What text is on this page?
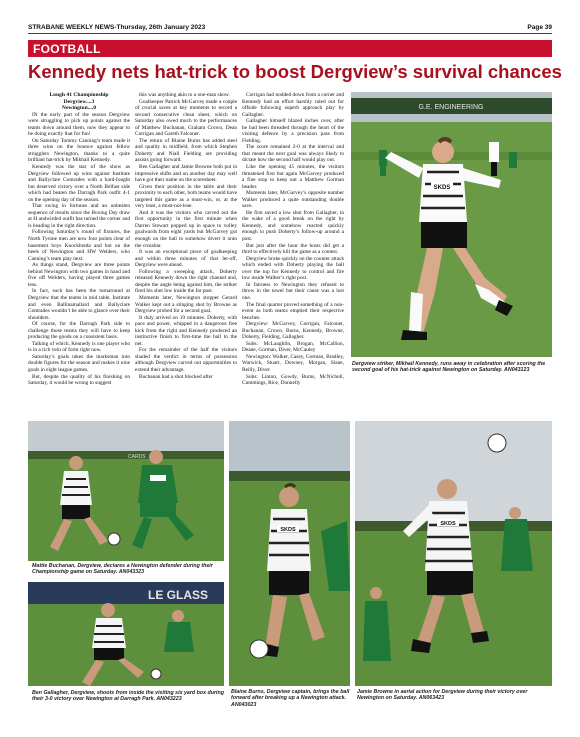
STRABANE WEEKLY NEWS-Thursday, 26th January 2023	Page 39
FOOTBALL
Kennedy nets hat-trick to boost Dergview’s survival chances

Lough 41 Championship

Dergview....3

Newington....0

IN the early part of the season Dergview were struggling to pick up points against the teams down around them, now they appear to be doing exactly that for fun!

On Saturday Tommy Canning’s team made it three wins on the bounce against fellow strugglers Newington, thanks to a quite brilliant hat-trick by Mikhail Kennedy.

Kennedy was the star of the show as Dergview followed up wins against Institute and Ballyclare Comrades with a hard-fought but deserved victory over a North Belfast side which had beaten the Darragh Park outfit 4-1 on the opening day of the season.

That swing in fortunes and an unbeaten sequence of results since the Boxing Day draw at H andwirded outfit has turned the corner and is heading in the right direction.

Following Saturday’s round of fixtures, the North Tyrone men are now four points clear of basement boys Knockbreda and hot on the heels of Newington and HW Welders, who Canning’s team play next.

As things stand, Dergview are three points behind Newington with two games in hand and five off Welders, having played three games less.

In fact, such has been the turnaround at Dergview that the teams in mid table, Institute and even Ballinamallard and Ballyclare Comrades wouldn’t be able to glance over their shoulders.

Of course, for the Darragh Park side to challenge those teams they will have to keep producing the goods on a consistent basis.

Talking of which, Kennedy is one player who is in a rich vein of form right now.

Saturday’s goals takes the marksman into double figures for the season and makes it nine goals in eight league games.

But, despite the quality of his finishing on Saturday, it would be wrong to suggest

this was anything akin to a one-man show.

Goalkeeper Patrick McGarvey made a couple of crucial saves at key moments to record a second consecutive clean sheet, which on Saturday also owed much to the performances of Matthew Buchanan, Graham Crown, Dean Corrigan and Gareth Falconer.

The return of Blaine Burns has added steel and quality in midfield, from which Stephen Doherty and Niall Fielding are providing assists going forward.

Ben Gallagher and Jamie Browne both put in impressive shifts and on another day may well have got their name on the scoresheet.

Given their position in the table and their proximity to each other, both teams would have targeted this game as a must-win, or, at the very least, a must-not-lose.

And it was the visitors who carved out the first opportunity in the first minute when Darren Stewart popped up in space to volley goalwards from eight yards but McGarvey got enough on the ball to somehow divert it onto the crossbar.

It was an exceptional piece of goalkeeping and within three minutes of that let-off, Dergview were ahead.

Following a sweeping attack, Doherty released Kennedy down the right channel and, despite the angle being against him, the striker fired his shot low inside the far post.

Moments later, Newington stopper Gerard Walker kept out a stinging shot by Browne as Dergview probed for a second goal.

It duly arrived on 19 minutes. Doherty, with pace and power, whipped in a dangerous free kick from the right and Kennedy produced an instinctive finish to first-time the ball to the net.

For the remainder of the half the visitors shaded the verdict in terms of possession although Dergview carved out opportunities to extend their advantage.

Buchanan had a shot blocked after

Corrigan had nodded down from a corner and Kennedy had an effort harshly ruled out for offside following superb approach play by Gallagher.

Gallagher himself blazed inches over, after he had been threaded through the heart of the visiting defence by a precision pass from Fielding.

The score remained 2-0 at the interval and that meant the next goal was always likely to dictate how the second half would play out.

Like the opening 45 minutes, the visitors threatened first but again McGarvey produced a fine stop to keep out a Matthew Gorman header.

Moments later, McGarvey’s opposite number Walker produced a quite outstanding double save.

He first saved a low shot from Gallagher, in the wake of a good break on the right by Kennedy, and somehow reacted quickly enough to push Doherty’s follow-up around a post.

But just after the hour the hosts did get a third to effectively kill the game as a contest.

Dergview broke quickly on the counter attack which ended with Doherty playing the ball over the top for Kennedy to control and fire low inside Walker’s right post.

In fairness to Newington they refused to throw in the towel but their cause was a lost one.

The final quarter proved something of a non-event as both teams emptied their respective benches.

Dergview: McGarvey, Corrigan, Falconer, Buchanan, Crown, Burns, Kennedy, Browne, Doherty, Fielding, Gallagher.

Subs: McLaughlin, Brogan, McCallion, Deane, Gorman, Diver, McCauley

Newington: Walker, Casey, Gorman, Bradley, Warwick, Stuart, Downey, Morgan, Slane, Reilly, Diver.

Subs: Linton, Gowdy, Burns, McNicholl, Cummings, Rice, Donnelly

G.E. ENGINEERING
SKDS
Dergview striker, Mikhail Kennedy, runs away in celebration after scoring the second goal of his hat-trick against Newington on Saturday. AN043123
CARDS
Mattie Buchanan, Dergview, declares a Newington defender during their Championship game on Saturday. AN043323
LE GLASS
Ben Gallagher, Dergview, shoots from inside the visiting six yard box during their 3-0 victory over Newington at Darragh Park. AN043223
SKDS
Blaine Burns, Dergview captain, brings the ball forward after breaking up a Newington attack. AN043023
SKDS
Jamie Browne in aerial action for Dergview during their victory over Newington on Saturday. AN063423
